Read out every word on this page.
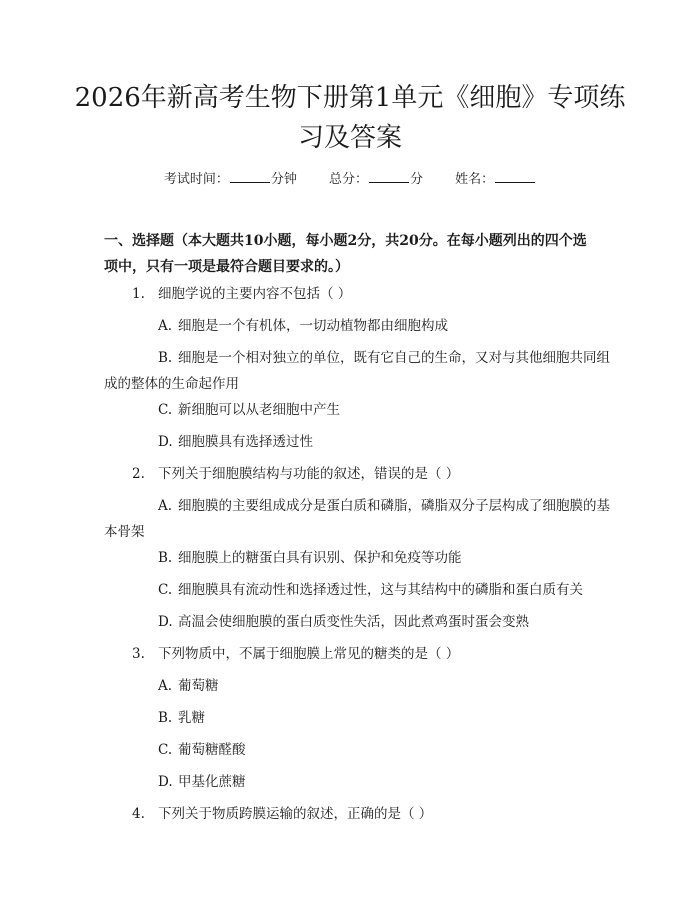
2026年新高考生物下册第1单元《细胞》专项练习及答案
考试时间：	分钟 总分：	分 姓名：

一、选择题（本大题共10小题，每小题2分，共20分。在每小题列出的四个选项中，只有一项是最符合题目要求的。）

1. 细胞学说的主要内容不包括（ ）
A. 细胞是一个有机体，一切动植物都由细胞构成

B. 细胞是一个相对独立的单位，既有它自己的生命，又对与其他细胞共同组成的整体的生命起作用

C. 新细胞可以从老细胞中产生
D. 细胞膜具有选择透过性
2. 下列关于细胞膜结构与功能的叙述，错误的是（ ）

A. 细胞膜的主要组成成分是蛋白质和磷脂，磷脂双分子层构成了细胞膜的基本骨架

B. 细胞膜上的糖蛋白具有识别、保护和免疫等功能
C. 细胞膜具有流动性和选择透过性，这与其结构中的磷脂和蛋白质有关
D. 高温会使细胞膜的蛋白质变性失活，因此煮鸡蛋时蛋会变熟
3. 下列物质中，不属于细胞膜上常见的糖类的是（ ）
A. 葡萄糖
B. 乳糖
C. 葡萄糖醛酸
D. 甲基化蔗糖
4. 下列关于物质跨膜运输的叙述，正确的是（ ）
